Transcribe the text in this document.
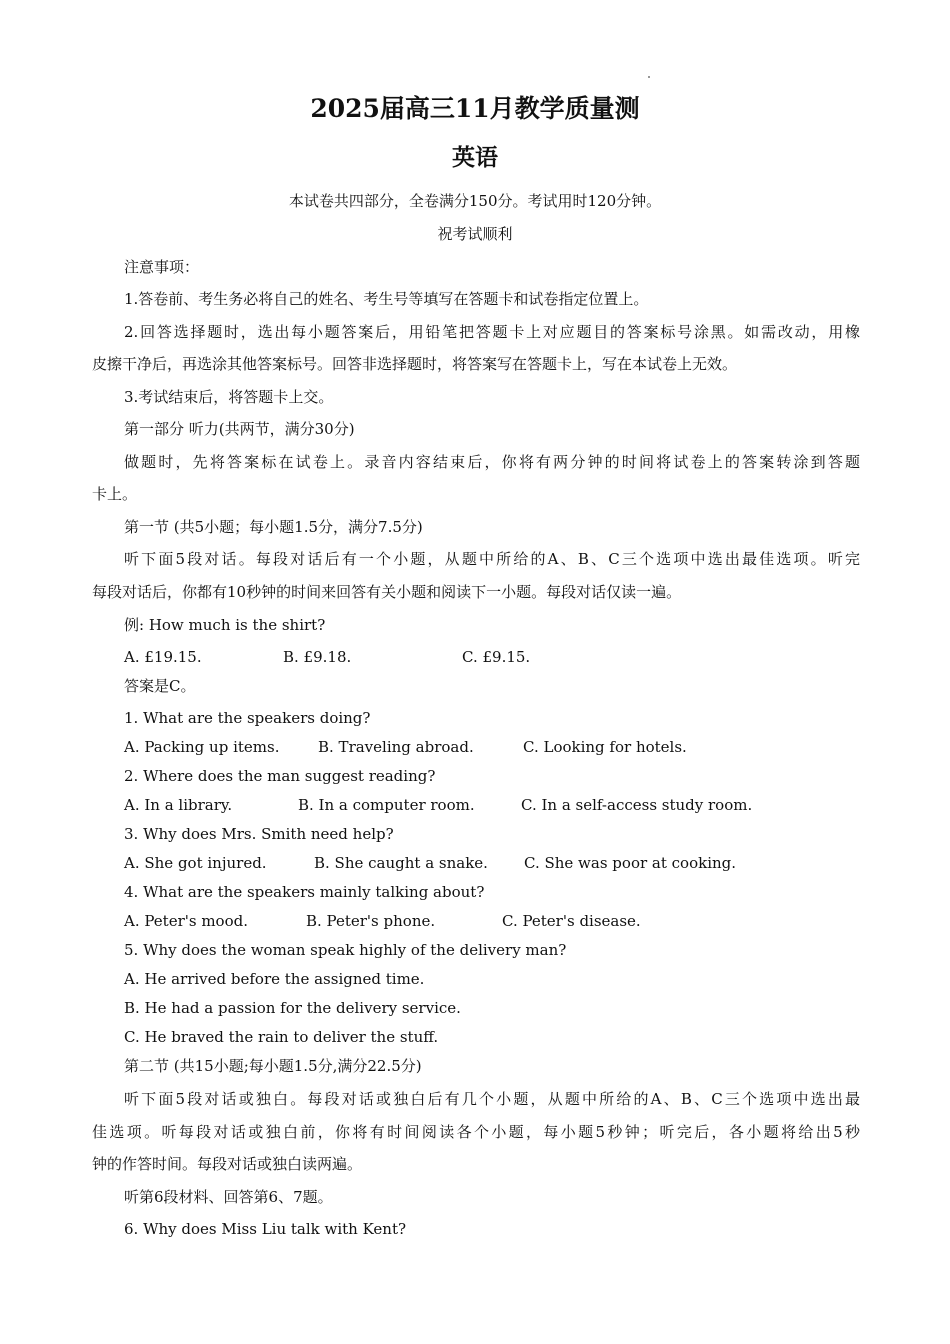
2025届高三11月教学质量测
英语
本试卷共四部分，全卷满分150分。考试用时120分钟。
祝考试顺利
注意事项：
1.答卷前、考生务必将自己的姓名、考生号等填写在答题卡和试卷指定位置上。
2.回答选择题时，选出每小题答案后，用铅笔把答题卡上对应题目的答案标号涂黑。如需改动，用橡
皮擦干净后，再选涂其他答案标号。回答非选择题时，将答案写在答题卡上，写在本试卷上无效。
3.考试结束后，将答题卡上交。
第一部分 听力(共两节，满分30分)
做题时，先将答案标在试卷上。录音内容结束后，你将有两分钟的时间将试卷上的答案转涂到答题
卡上。
第一节 (共5小题；每小题1.5分，满分7.5分)
听下面5段对话。每段对话后有一个小题，从题中所给的A、B、C三个选项中选出最佳选项。听完
每段对话后，你都有10秒钟的时间来回答有关小题和阅读下一小题。每段对话仅读一遍。
例: How much is the shirt?
A. £19.15.	B. £9.18.	C. £9.15.
答案是C。
1. What are the speakers doing?
A. Packing up items.	B. Traveling abroad.	C. Looking for hotels.
2. Where does the man suggest reading?
A. In a library.	B. In a computer room.	C. In a self-access study room.
3. Why does Mrs. Smith need help?
A. She got injured.	B. She caught a snake. C. She was poor at cooking.
4. What are the speakers mainly talking about?
A. Peter's mood.	B. Peter's phone.	C. Peter's disease.
5. Why does the woman speak highly of the delivery man?
A. He arrived before the assigned time.
B. He had a passion for the delivery service.
C. He braved the rain to deliver the stuff.
第二节 (共15小题;每小题1.5分,满分22.5分)
听下面5段对话或独白。每段对话或独白后有几个小题，从题中所给的A、B、C三个选项中选出最
佳选项。听每段对话或独白前，你将有时间阅读各个小题，每小题5秒钟；听完后，各小题将给出5秒
钟的作答时间。每段对话或独白读两遍。
听第6段材料、回答第6、7题。
6. Why does Miss Liu talk with Kent?
